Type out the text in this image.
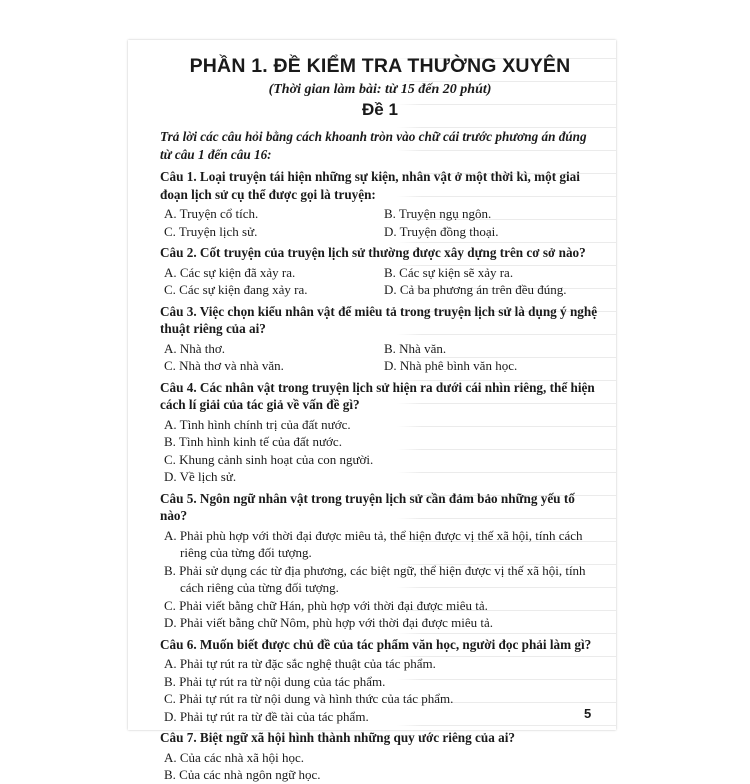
PHẦN 1. ĐỀ KIỂM TRA THƯỜNG XUYÊN
(Thời gian làm bài: từ 15 đến 20 phút)
Đề 1
Trả lời các câu hỏi bằng cách khoanh tròn vào chữ cái trước phương án đúng từ câu 1 đến câu 16:
Câu 1. Loại truyện tái hiện những sự kiện, nhân vật ở một thời kì, một giai đoạn lịch sử cụ thể được gọi là truyện:
A. Truyện cổ tích.	B. Truyện ngụ ngôn.
C. Truyện lịch sử.	D. Truyện đồng thoại.
Câu 2. Cốt truyện của truyện lịch sử thường được xây dựng trên cơ sở nào?
A. Các sự kiện đã xảy ra.	B. Các sự kiện sẽ xảy ra.
C. Các sự kiện đang xảy ra.	D. Cả ba phương án trên đều đúng.
Câu 3. Việc chọn kiểu nhân vật để miêu tả trong truyện lịch sử là dụng ý nghệ thuật riêng của ai?
A. Nhà thơ.	B. Nhà văn.
C. Nhà thơ và nhà văn.	D. Nhà phê bình văn học.
Câu 4. Các nhân vật trong truyện lịch sử hiện ra dưới cái nhìn riêng, thể hiện cách lí giải của tác giả về vấn đề gì?
A. Tình hình chính trị của đất nước.
B. Tình hình kinh tế của đất nước.
C. Khung cảnh sinh hoạt của con người.
D. Về lịch sử.
Câu 5. Ngôn ngữ nhân vật trong truyện lịch sử cần đảm bảo những yếu tố nào?
A. Phải phù hợp với thời đại được miêu tả, thể hiện được vị thế xã hội, tính cách riêng của từng đối tượng.
B. Phải sử dụng các từ địa phương, các biệt ngữ, thể hiện được vị thế xã hội, tính cách riêng của từng đối tượng.
C. Phải viết bằng chữ Hán, phù hợp với thời đại được miêu tả.
D. Phải viết bằng chữ Nôm, phù hợp với thời đại được miêu tả.
Câu 6. Muốn biết được chủ đề của tác phẩm văn học, người đọc phải làm gì?
A. Phải tự rút ra từ đặc sắc nghệ thuật của tác phẩm.
B. Phải tự rút ra từ nội dung của tác phẩm.
C. Phải tự rút ra từ nội dung và hình thức của tác phẩm.
D. Phải tự rút ra từ đề tài của tác phẩm.
Câu 7. Biệt ngữ xã hội hình thành những quy ước riêng của ai?
A. Của các nhà xã hội học.
B. Của các nhà ngôn ngữ học.
5
